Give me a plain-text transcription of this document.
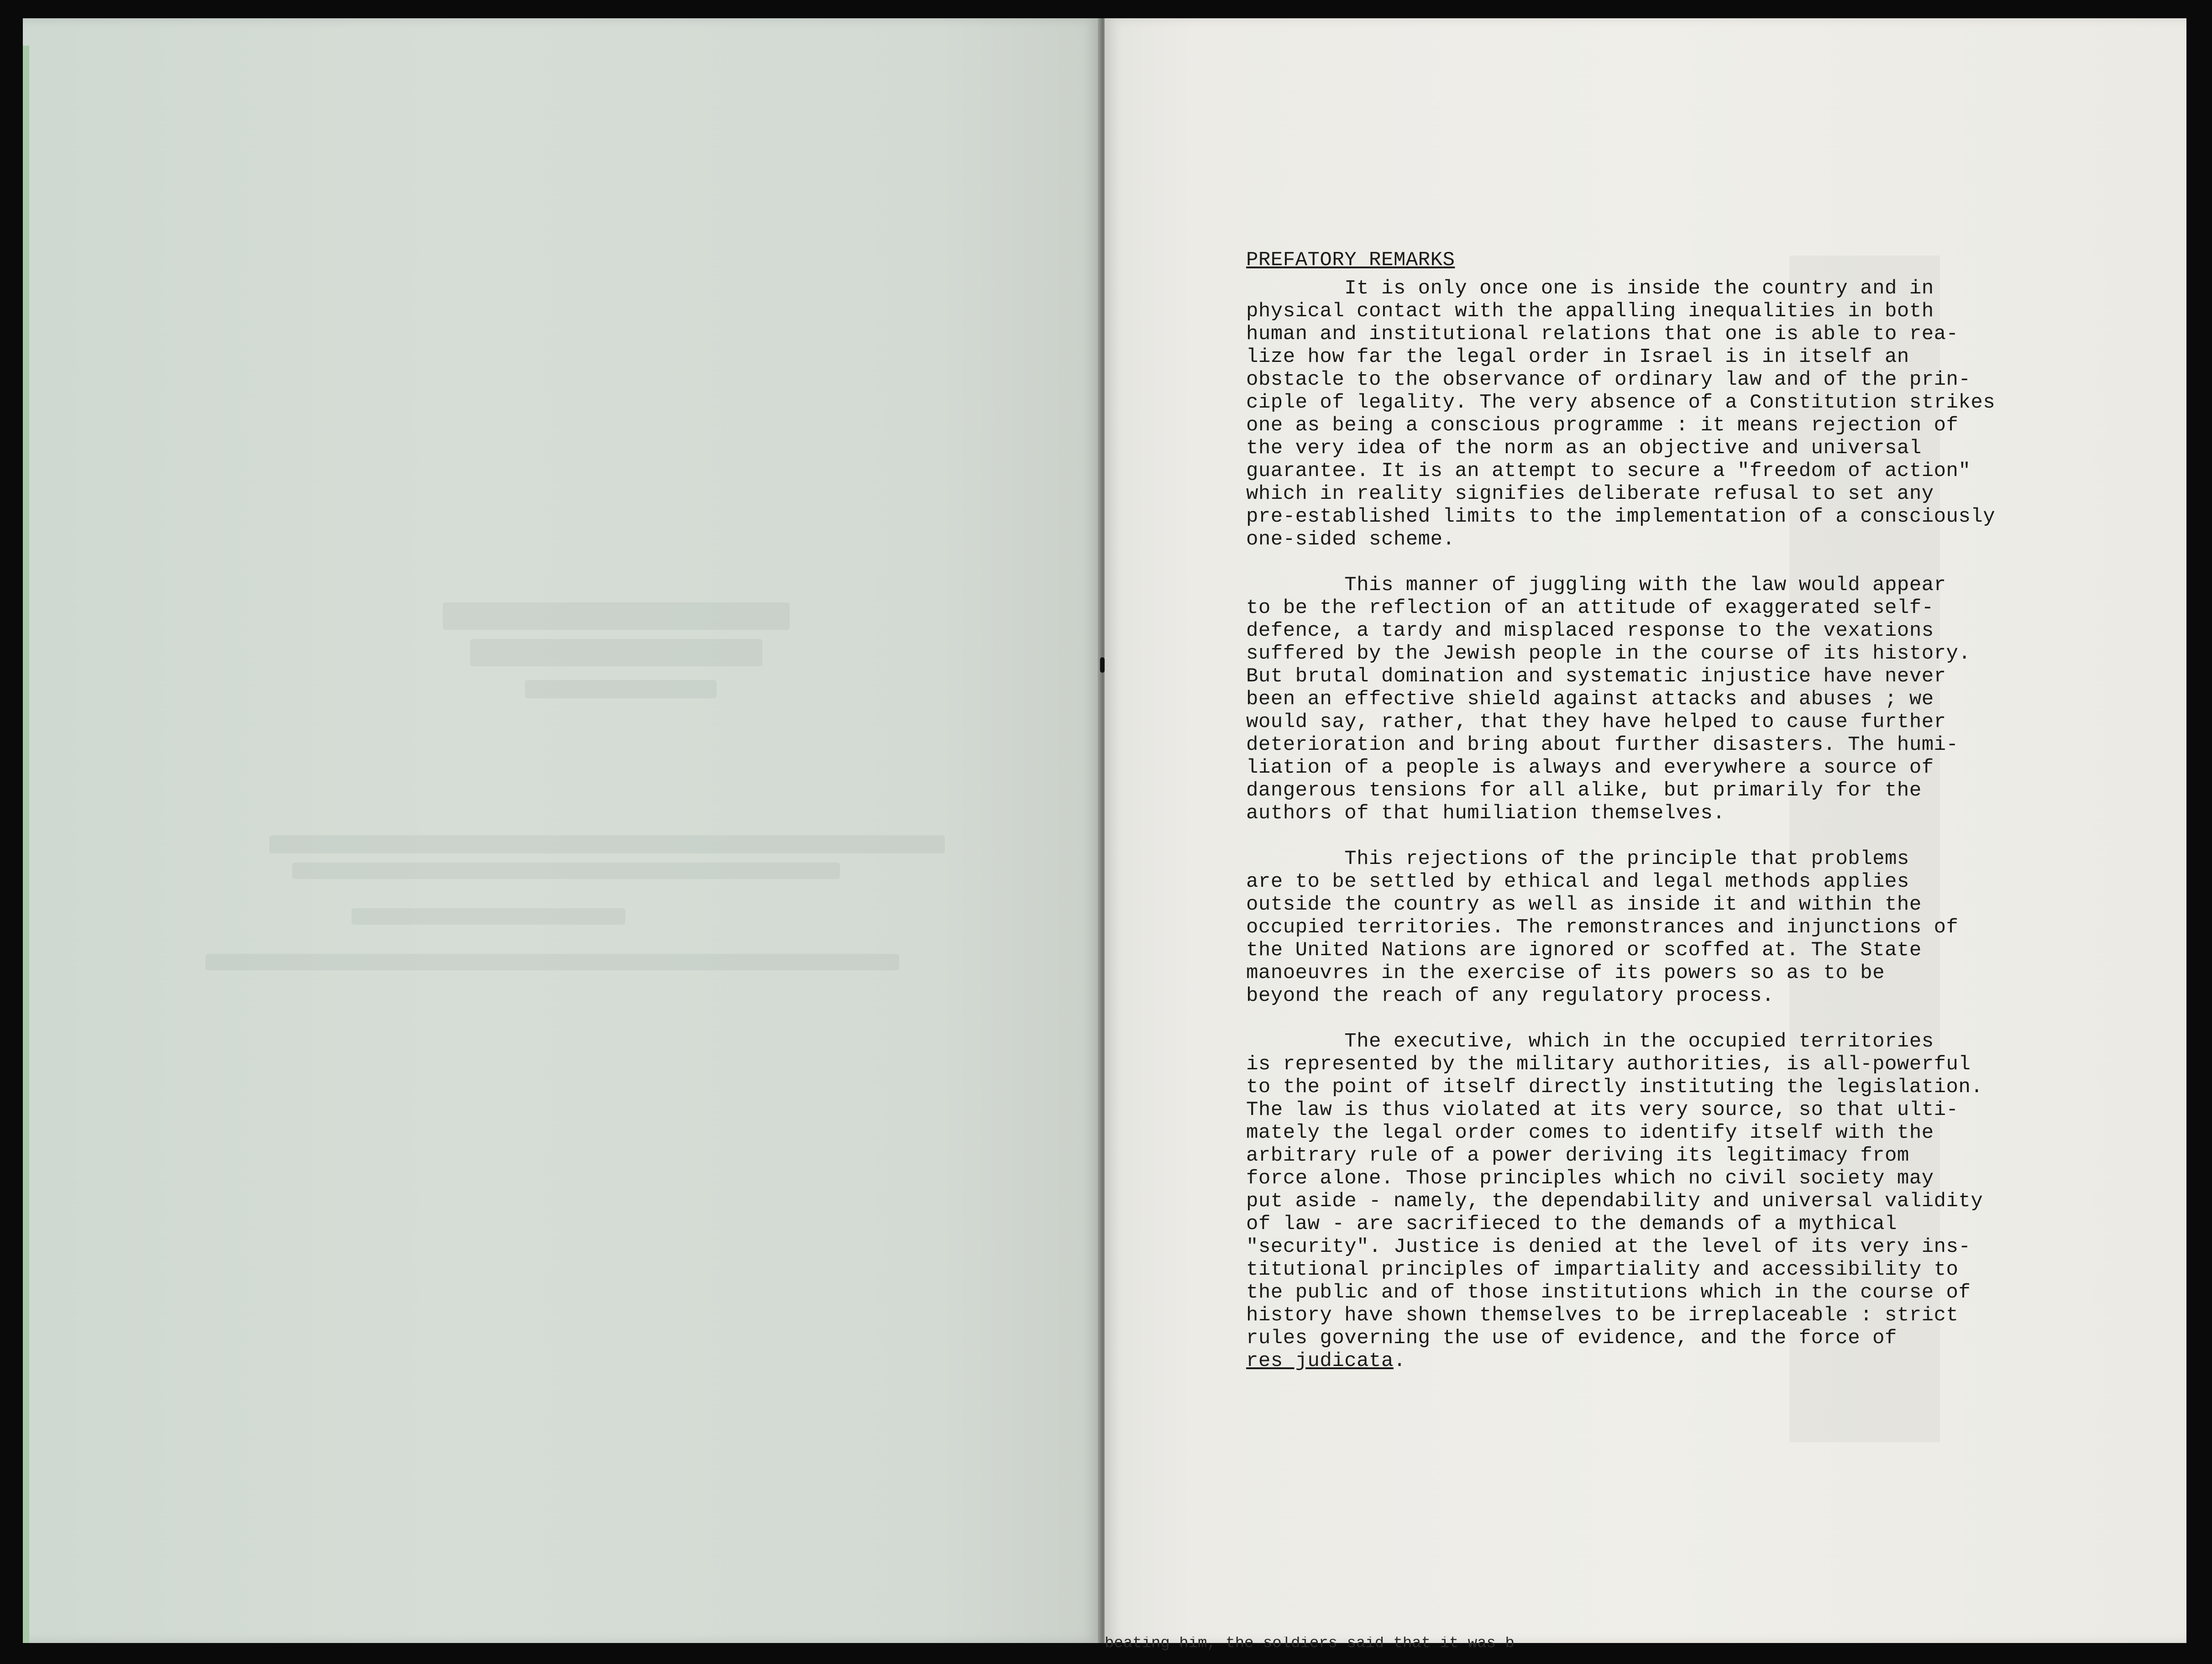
PREFATORY REMARKS

It is only once one is inside the country and in
physical contact with the appalling inequalities in both
human and institutional relations that one is able to rea-
lize how far the legal order in Israel is in itself an
obstacle to the observance of ordinary law and of the prin-
ciple of legality. The very absence of a Constitution strikes
one as being a conscious programme : it means rejection of
the very idea of the norm as an objective and universal
guarantee. It is an attempt to secure a "freedom of action"
which in reality signifies deliberate refusal to set any
pre-established limits to the implementation of a consciously
one-sided scheme.

This manner of juggling with the law would appear
to be the reflection of an attitude of exaggerated self-
defence, a tardy and misplaced response to the vexations
suffered by the Jewish people in the course of its history.
But brutal domination and systematic injustice have never
been an effective shield against attacks and abuses ; we
would say, rather, that they have helped to cause further
deterioration and bring about further disasters. The humi-
liation of a people is always and everywhere a source of
dangerous tensions for all alike, but primarily for the
authors of that humiliation themselves.

This rejections of the principle that problems
are to be settled by ethical and legal methods applies
outside the country as well as inside it and within the
occupied territories. The remonstrances and injunctions of
the United Nations are ignored or scoffed at. The State
manoeuvres in the exercise of its powers so as to be
beyond the reach of any regulatory process.

The executive, which in the occupied territories
is represented by the military authorities, is all-powerful
to the point of itself directly instituting the legislation.
The law is thus violated at its very source, so that ulti-
mately the legal order comes to identify itself with the
arbitrary rule of a power deriving its legitimacy from
force alone. Those principles which no civil society may
put aside - namely, the dependability and universal validity
of law - are sacrifieced to the demands of a mythical
"security". Justice is denied at the level of its very ins-
titutional principles of impartiality and accessibility to
the public and of those institutions which in the course of
history have shown themselves to be irreplaceable : strict
rules governing the use of evidence, and the force of
res judicata.

beating him, the soldiers said that it was b
